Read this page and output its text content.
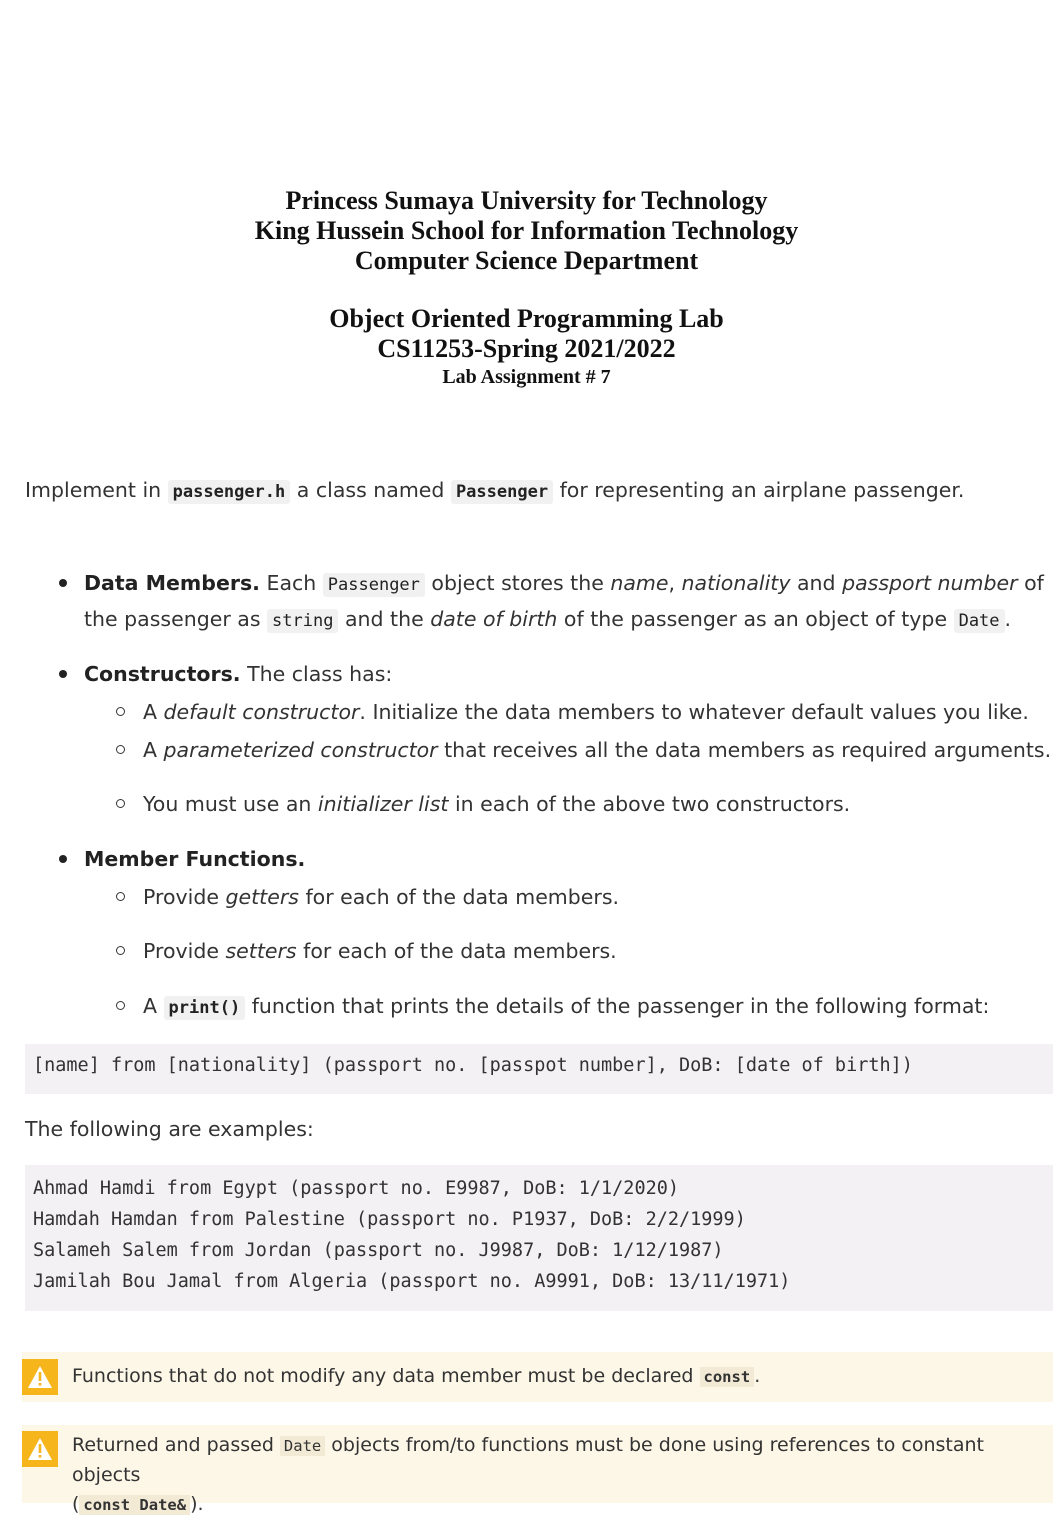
Princess Sumaya University for Technology
King Hussein School for Information Technology
Computer Science Department
Object Oriented Programming Lab
CS11253-Spring 2021/2022
Lab Assignment # 7
Implement in passenger.h a class named Passenger for representing an airplane passenger.
Data Members. Each Passenger object stores the name, nationality and passport number of
the passenger as string and the date of birth of the passenger as an object of type Date .
Constructors. The class has:
A default constructor. Initialize the data members to whatever default values you like.
A parameterized constructor that receives all the data members as required arguments.
You must use an initializer list in each of the above two constructors.
Member Functions.
Provide getters for each of the data members.
Provide setters for each of the data members.
A print() function that prints the details of the passenger in the following format:
[name] from [nationality] (passport no. [passpot number], DoB: [date of birth])
The following are examples:
Ahmad Hamdi from Egypt (passport no. E9987, DoB: 1/1/2020)
Hamdah Hamdan from Palestine (passport no. P1937, DoB: 2/2/1999)
Salameh Salem from Jordan (passport no. J9987, DoB: 1/12/1987)
Jamilah Bou Jamal from Algeria (passport no. A9991, DoB: 13/11/1971)
Functions that do not modify any data member must be declared const .
Returned and passed Date objects from/to functions must be done using references to constant objects
( const Date& ).
